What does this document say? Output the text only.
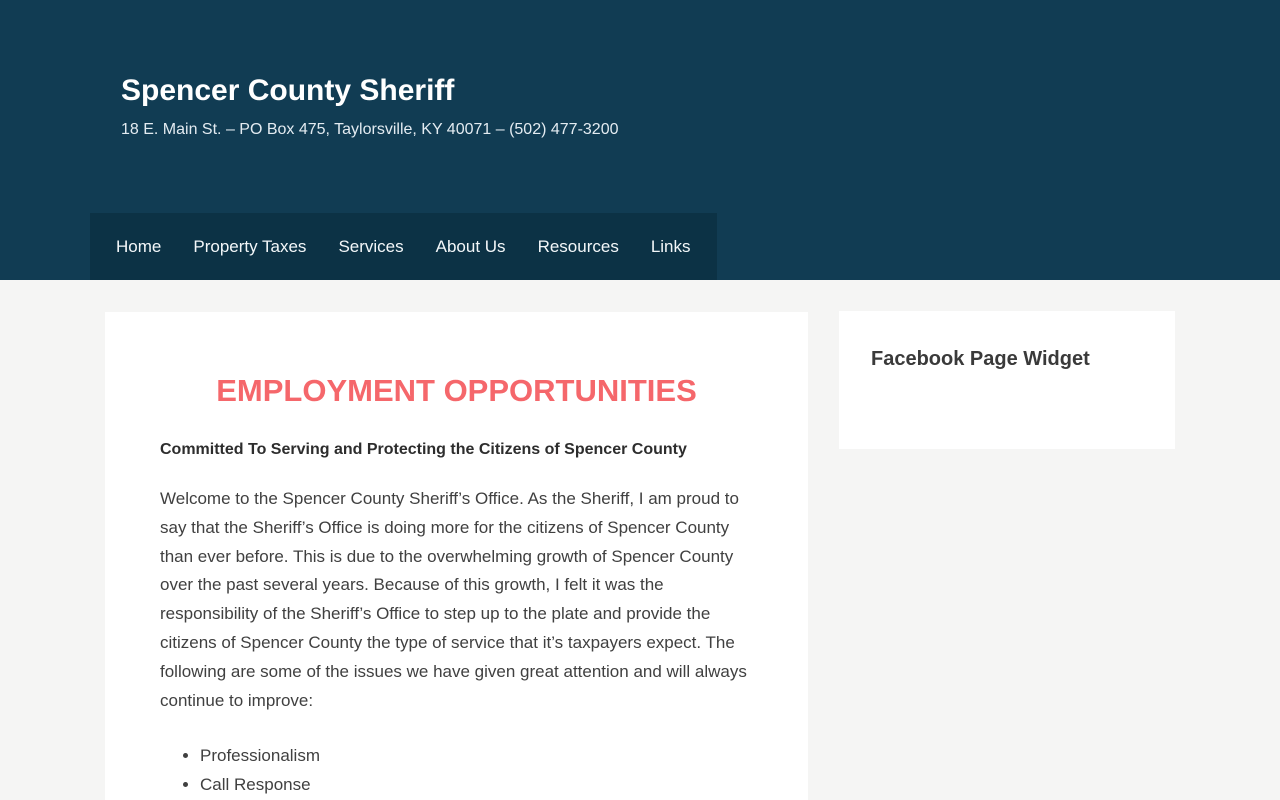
Spencer County Sheriff

18 E. Main St. – PO Box 475, Taylorsville, KY 40071 – (502) 477-3200

Home	Property Taxes	Services	About Us	Resources	Links
EMPLOYMENT OPPORTUNITIES

Committed To Serving and Protecting the Citizens of Spencer County

Welcome to the Spencer County Sheriff’s Office. As the Sheriff, I am proud to say that the Sheriff’s Office is doing more for the citizens of Spencer County than ever before. This is due to the overwhelming growth of Spencer County over the past several years. Because of this growth, I felt it was the responsibility of the Sheriff’s Office to step up to the plate and provide the citizens of Spencer County the type of service that it’s taxpayers expect. The following are some of the issues we have given great attention and will always continue to improve:

• Professionalism
• Call Response
Facebook Page Widget
